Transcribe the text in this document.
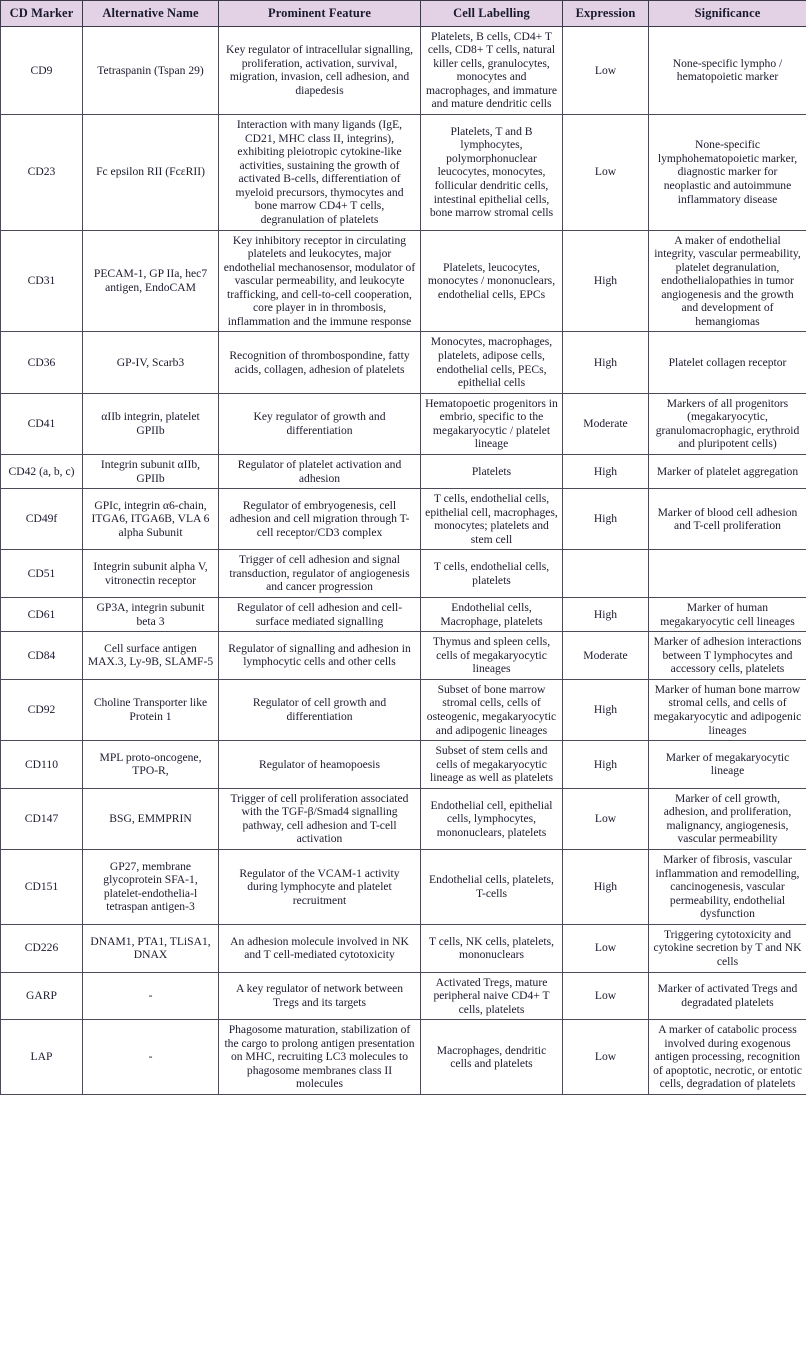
CD Marker	Alternative Name	Prominent Feature	Cell Labelling	Expression	Significance
CD9	Tetraspanin (Tspan 29)	Key regulator of intracellular signalling, proliferation, activation, survival, migration, invasion, cell adhesion, and diapedesis	Platelets, B cells, CD4+ T cells, CD8+ T cells, natural killer cells, granulocytes, monocytes and macrophages, and immature and mature dendritic cells	Low	None-specific lympho / hematopoietic marker
CD23	Fc epsilon RII (FcεRII)	Interaction with many ligands (IgE, CD21, MHC class II, integrins), exhibiting pleiotropic cytokine-like activities, sustaining the growth of activated B-cells, differentiation of myeloid precursors, thymocytes and bone marrow CD4+ T cells, degranulation of platelets	Platelets, T and B lymphocytes, polymorphonuclear leucocytes, monocytes, follicular dendritic cells, intestinal epithelial cells, bone marrow stromal cells	Low	None-specific lymphohematopoietic marker, diagnostic marker for neoplastic and autoimmune inflammatory disease
CD31	PECAM-1, GP IIa, hec7 antigen, EndoCAM	Key inhibitory receptor in circulating platelets and leukocytes, major endothelial mechanosensor, modulator of vascular permeability, and leukocyte trafficking, and cell-to-cell cooperation, core player in in thrombosis, inflammation and the immune response	Platelets, leucocytes, monocytes / mononuclears, endothelial cells, EPCs	High	A maker of endothelial integrity, vascular permeability, platelet degranulation, endothelialopathies in tumor angiogenesis and the growth and development of hemangiomas
CD36	GP-IV, Scarb3	Recognition of thrombospondine, fatty acids, collagen, adhesion of platelets	Monocytes, macrophages, platelets, adipose cells, endothelial cells, PECs, epithelial cells	High	Platelet collagen receptor
CD41	αIIb integrin, platelet GPIIb	Key regulator of growth and differentiation	Hematopoetic progenitors in embrio, specific to the megakaryocytic / platelet lineage	Moderate	Markers of all progenitors (megakaryocytic, granulomacrophagic, erythroid and pluripotent cells)
CD42 (a, b, c)	Integrin subunit αIIb, GPIIb	Regulator of platelet activation and adhesion	Platelets	High	Marker of platelet aggregation
CD49f	GPIc, integrin α6-chain, ITGA6, ITGA6B, VLA 6 alpha Subunit	Regulator of embryogenesis, cell adhesion and cell migration through T-cell receptor/CD3 complex	T cells, endothelial cells, epithelial cell, macrophages, monocytes; platelets and stem cell	High	Marker of blood cell adhesion and T-cell proliferation
CD51	Integrin subunit alpha V, vitronectin receptor	Trigger of cell adhesion and signal transduction, regulator of angiogenesis and cancer progression	T cells, endothelial cells, platelets		
CD61	GP3A, integrin subunit beta 3	Regulator of cell adhesion and cell-surface mediated signalling	Endothelial cells, Macrophage, platelets	High	Marker of human megakaryocytic cell lineages
CD84	Cell surface antigen MAX.3, Ly-9B, SLAMF-5	Regulator of signalling and adhesion in lymphocytic cells and other cells	Thymus and spleen cells, cells of megakaryocytic lineages	Moderate	Marker of adhesion interactions between T lymphocytes and accessory cells, platelets
CD92	Choline Transporter like Protein 1	Regulator of cell growth and differentiation	Subset of bone marrow stromal cells, cells of osteogenic, megakaryocytic and adipogenic lineages	High	Marker of human bone marrow stromal cells, and cells of megakaryocytic and adipogenic lineages
CD110	MPL proto-oncogene, TPO-R,	Regulator of heamopoesis	Subset of stem cells and cells of megakaryocytic lineage as well as platelets	High	Marker of megakaryocytic lineage
CD147	BSG, EMMPRIN	Trigger of cell proliferation associated with the TGF-β/Smad4 signalling pathway, cell adhesion and T-cell activation	Endothelial cell, epithelial cells, lymphocytes, mononuclears, platelets	Low	Marker of cell growth, adhesion, and proliferation, malignancy, angiogenesis, vascular permeability
CD151	GP27, membrane glycoprotein SFA-1, platelet-endothelia-l tetraspan antigen-3	Regulator of the VCAM-1 activity during lymphocyte and platelet recruitment	Endothelial cells, platelets, T-cells	High	Marker of fibrosis, vascular inflammation and remodelling, cancinogenesis, vascular permeability, endothelial dysfunction
CD226	DNAM1, PTA1, TLiSA1, DNAX	An adhesion molecule involved in NK and T cell-mediated cytotoxicity	T cells, NK cells, platelets, mononuclears	Low	Triggering cytotoxicity and cytokine secretion by T and NK cells
GARP	-	A key regulator of network between Tregs and its targets	Activated Tregs, mature peripheral naive CD4+ T cells, platelets	Low	Marker of activated Tregs and degradated platelets
LAP	-	Phagosome maturation, stabilization of the cargo to prolong antigen presentation on MHC, recruiting LC3 molecules to phagosome membranes class II molecules	Macrophages, dendritic cells and platelets	Low	A marker of catabolic process involved during exogenous antigen processing, recognition of apoptotic, necrotic, or entotic cells, degradation of platelets
